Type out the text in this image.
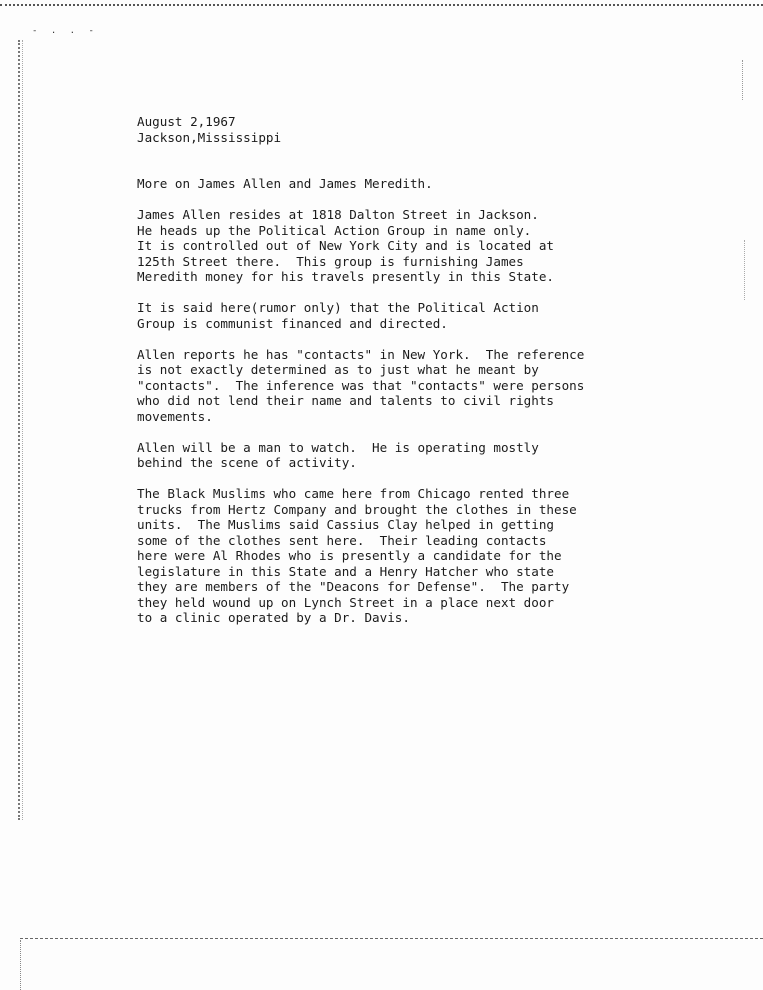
- . . -
August 2,1967
Jackson,Mississippi
More on James Allen and James Meredith.
James Allen resides at 1818 Dalton Street in Jackson.
He heads up the Political Action Group in name only.
It is controlled out of New York City and is located at
125th Street there.  This group is furnishing James
Meredith money for his travels presently in this State.
It is said here(rumor only) that the Political Action
Group is communist financed and directed.
Allen reports he has "contacts" in New York.  The reference
is not exactly determined as to just what he meant by
"contacts".  The inference was that "contacts" were persons
who did not lend their name and talents to civil rights
movements.
Allen will be a man to watch.  He is operating mostly
behind the scene of activity.
The Black Muslims who came here from Chicago rented three
trucks from Hertz Company and brought the clothes in these
units.  The Muslims said Cassius Clay helped in getting
some of the clothes sent here.  Their leading contacts
here were Al Rhodes who is presently a candidate for the
legislature in this State and a Henry Hatcher who state
they are members of the "Deacons for Defense".  The party
they held wound up on Lynch Street in a place next door
to a clinic operated by a Dr. Davis.
